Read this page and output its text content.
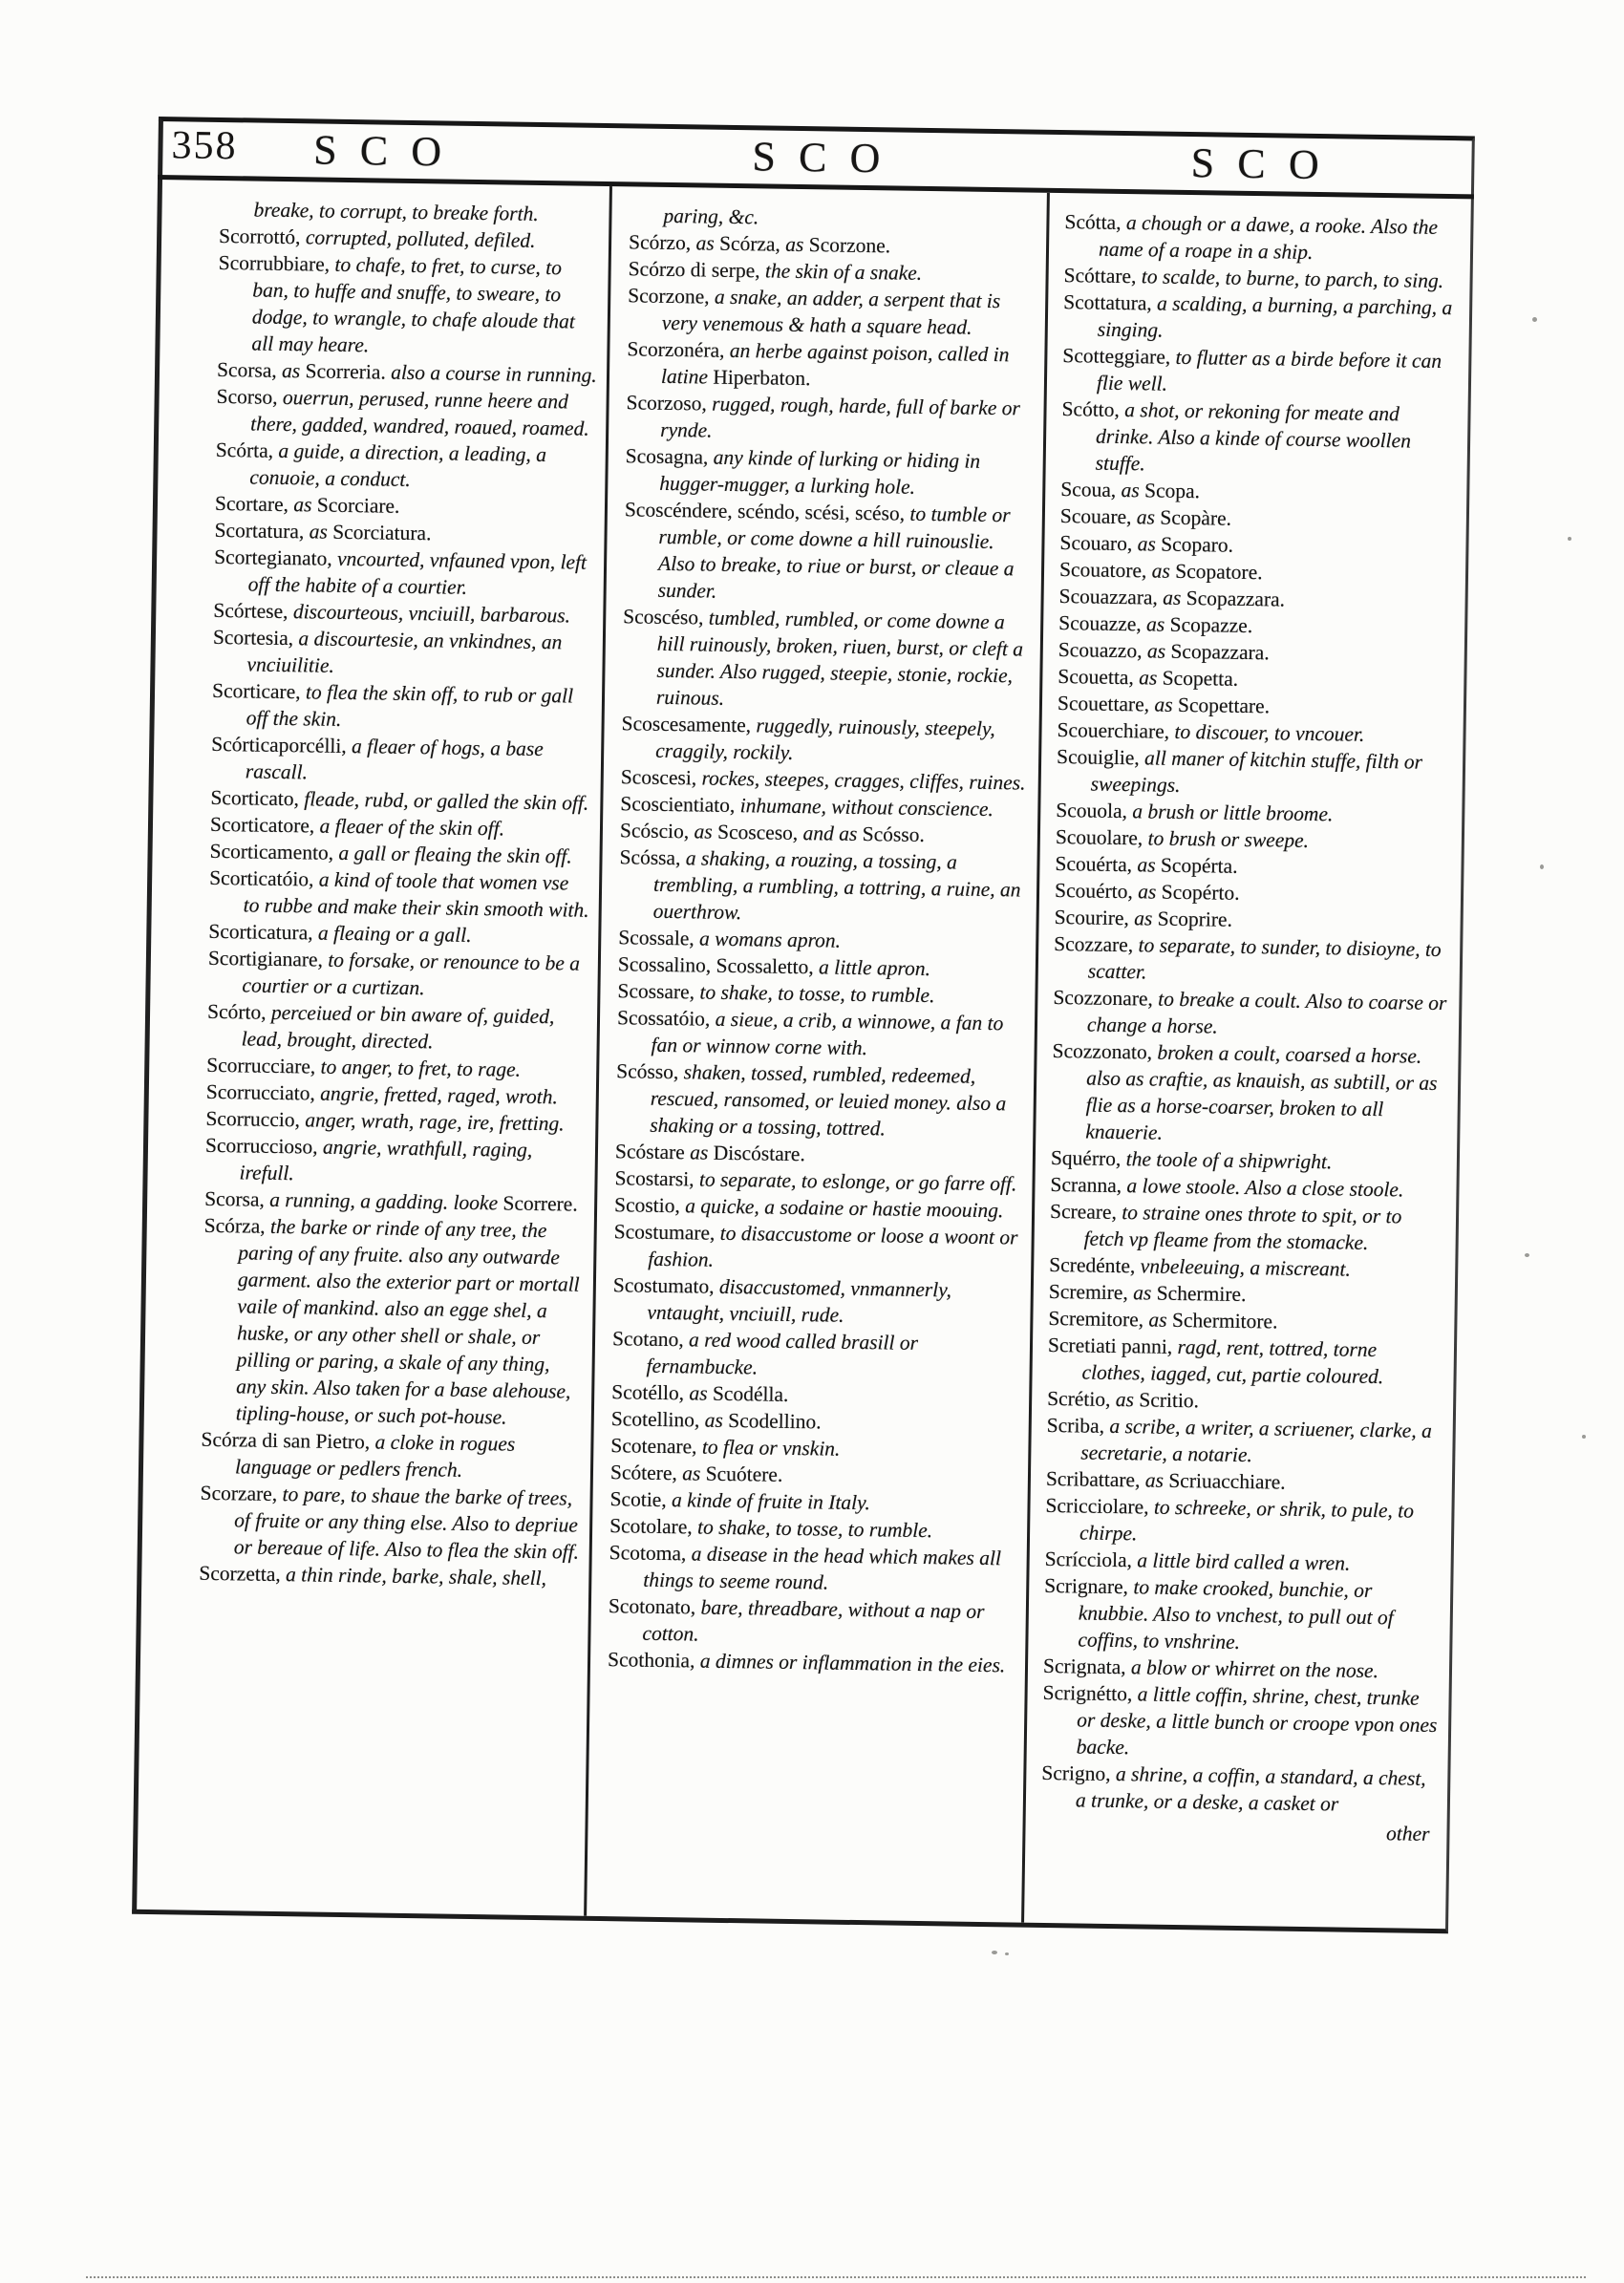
358	SCO	SCO	SCO

breake, to corrupt, to breake forth.

Scorrottó, corrupted, polluted, defiled.

Scorrubbiare, to chafe, to fret, to curse, to ban, to huffe and snuffe, to sweare, to dodge, to wrangle, to chafe aloude that all may heare.

Scorsa, as Scorreria. also a course in running.

Scorso, ouerrun, perused, runne heere and there, gadded, wandred, roaued, roamed.

Scórta, a guide, a direction, a leading, a conuoie, a conduct.

Scortare, as Scorciare.

Scortatura, as Scorciatura.

Scortegianato, vncourted, vnfauned vpon, left off the habite of a courtier.

Scórtese, discourteous, vnciuill, barbarous.

Scortesia, a discourtesie, an vnkindnes, an vnciuilitie.

Scorticare, to flea the skin off, to rub or gall off the skin.

Scórticaporcélli, a fleaer of hogs, a base rascall.

Scorticato, fleade, rubd, or galled the skin off.

Scorticatore, a fleaer of the skin off.

Scorticamento, a gall or fleaing the skin off.

Scorticatóio, a kind of toole that women vse to rubbe and make their skin smooth with.

Scorticatura, a fleaing or a gall.

Scortigianare, to forsake, or renounce to be a courtier or a curtizan.

Scórto, perceiued or bin aware of, guided, lead, brought, directed.

Scorrucciare, to anger, to fret, to rage.

Scorrucciato, angrie, fretted, raged, wroth.

Scorruccio, anger, wrath, rage, ire, fretting.

Scorruccioso, angrie, wrathfull, raging, irefull.

Scorsa, a running, a gadding. looke Scorrere.

Scórza, the barke or rinde of any tree, the paring of any fruite. also any outwarde garment. also the exterior part or mortall vaile of mankind. also an egge shel, a huske, or any other shell or shale, or pilling or paring, a skale of any thing, any skin. Also taken for a base alehouse, tipling-house, or such pot-house.

Scórza di san Pietro, a cloke in rogues language or pedlers french.

Scorzare, to pare, to shaue the barke of trees, of fruite or any thing else. Also to depriue or bereaue of life. Also to flea the skin off.

Scorzetta, a thin rinde, barke, shale, shell,

paring, &c.

Scórzo, as Scórza, as Scorzone.

Scórzo di serpe, the skin of a snake.

Scorzone, a snake, an adder, a serpent that is very venemous & hath a square head.

Scorzonéra, an herbe against poison, called in latine Hiperbaton.

Scorzoso, rugged, rough, harde, full of barke or rynde.

Scosagna, any kinde of lurking or hiding in hugger-mugger, a lurking hole.

Scoscéndere, scéndo, scési, scéso, to tumble or rumble, or come downe a hill ruinouslie. Also to breake, to riue or burst, or cleaue a sunder.

Scoscéso, tumbled, rumbled, or come downe a hill ruinously, broken, riuen, burst, or cleft a sunder. Also rugged, steepie, stonie, rockie, ruinous.

Scoscesamente, ruggedly, ruinously, steepely, craggily, rockily.

Scoscesi, rockes, steepes, cragges, cliffes, ruines.

Scoscientiato, inhumane, without conscience.

Scóscio, as Scosceso, and as Scósso.

Scóssa, a shaking, a rouzing, a tossing, a trembling, a rumbling, a tottring, a ruine, an ouerthrow.

Scossale, a womans apron.

Scossalino, Scossaletto, a little apron.

Scossare, to shake, to tosse, to rumble.

Scossatóio, a sieue, a crib, a winnowe, a fan to fan or winnow corne with.

Scósso, shaken, tossed, rumbled, redeemed, rescued, ransomed, or leuied money. also a shaking or a tossing, tottred.

Scóstare as Discóstare.

Scostarsi, to separate, to eslonge, or go farre off.

Scostio, a quicke, a sodaine or hastie moouing.

Scostumare, to disaccustome or loose a woont or fashion.

Scostumato, disaccustomed, vnmannerly, vntaught, vnciuill, rude.

Scotano, a red wood called brasill or fernambucke.

Scotéllo, as Scodélla.

Scotellino, as Scodellino.

Scotenare, to flea or vnskin.

Scótere, as Scuótere.

Scotie, a kinde of fruite in Italy.

Scotolare, to shake, to tosse, to rumble.

Scotoma, a disease in the head which makes all things to seeme round.

Scotonato, bare, threadbare, without a nap or cotton.

Scothonia, a dimnes or inflammation in the eies.

Scótta, a chough or a dawe, a rooke. Also the name of a roape in a ship.

Scóttare, to scalde, to burne, to parch, to sing.

Scottatura, a scalding, a burning, a parching, a singing.

Scotteggiare, to flutter as a birde before it can flie well.

Scótto, a shot, or rekoning for meate and drinke. Also a kinde of course woollen stuffe.

Scoua, as Scopa.

Scouare, as Scopàre.

Scouaro, as Scoparo.

Scouatore, as Scopatore.

Scouazzara, as Scopazzara.

Scouazze, as Scopazze.

Scouazzo, as Scopazzara.

Scouetta, as Scopetta.

Scouettare, as Scopettare.

Scouerchiare, to discouer, to vncouer.

Scouiglie, all maner of kitchin stuffe, filth or sweepings.

Scouola, a brush or little broome.

Scouolare, to brush or sweepe.

Scouérta, as Scopérta.

Scouérto, as Scopérto.

Scourire, as Scoprire.

Scozzare, to separate, to sunder, to disioyne, to scatter.

Scozzonare, to breake a coult. Also to coarse or change a horse.

Scozzonato, broken a coult, coarsed a horse. also as craftie, as knauish, as subtill, or as flie as a horse-coarser, broken to all knauerie.

Squérro, the toole of a shipwright.

Scranna, a lowe stoole. Also a close stoole.

Screare, to straine ones throte to spit, or to fetch vp fleame from the stomacke.

Scredénte, vnbeleeuing, a miscreant.

Scremire, as Schermire.

Scremitore, as Schermitore.

Scretiati panni, ragd, rent, tottred, torne clothes, iagged, cut, partie coloured.

Scrétio, as Scritio.

Scriba, a scribe, a writer, a scriuener, clarke, a secretarie, a notarie.

Scribattare, as Scriuacchiare.

Scricciolare, to schreeke, or shrik, to pule, to chirpe.

Scrícciola, a little bird called a wren.

Scrignare, to make crooked, bunchie, or knubbie. Also to vnchest, to pull out of coffins, to vnshrine.

Scrignata, a blow or whirret on the nose.

Scrignétto, a little coffin, shrine, chest, trunke or deske, a little bunch or croope vpon ones backe.

Scrigno, a shrine, a coffin, a standard, a chest, a trunke, or a deske, a casket or

other
